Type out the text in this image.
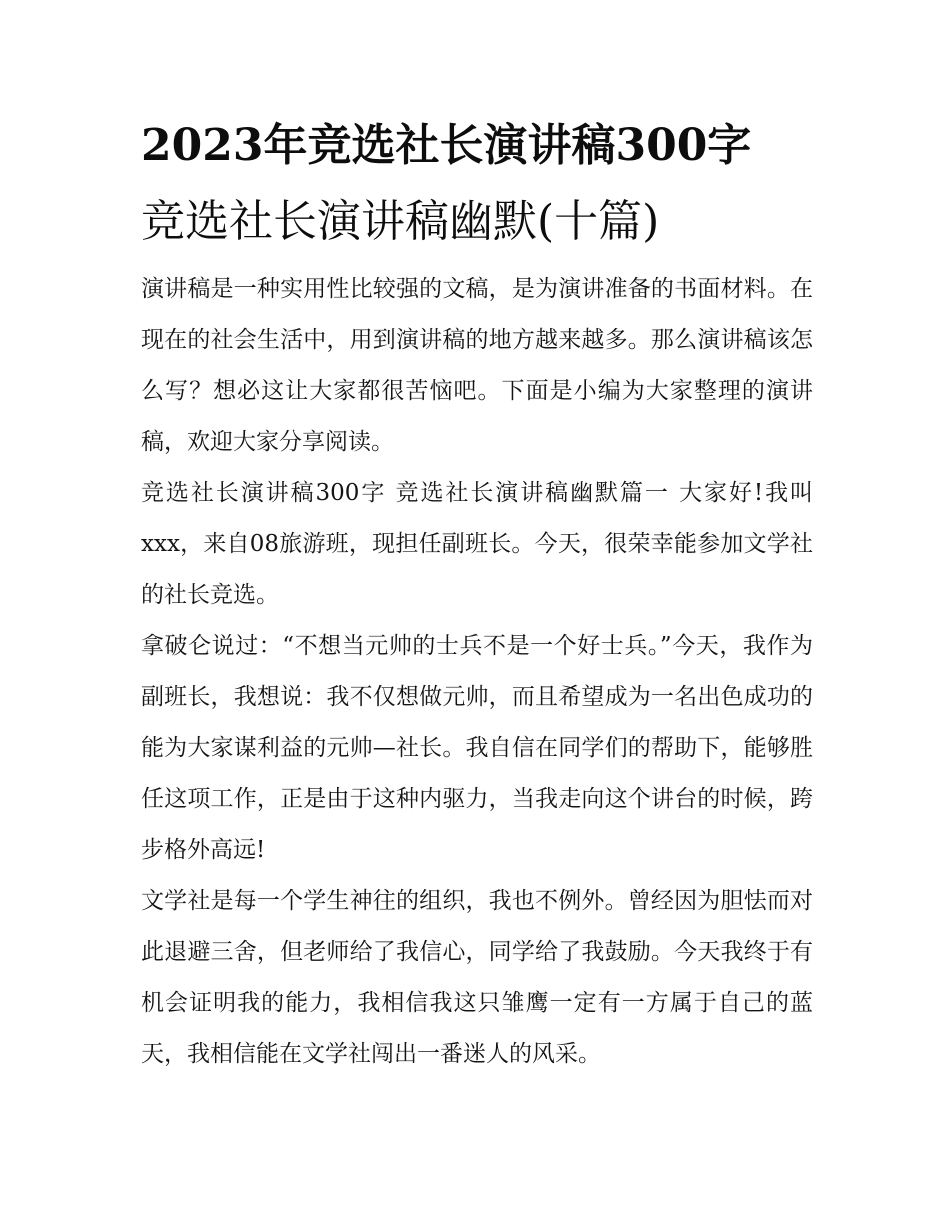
2023年竞选社长演讲稿300字
竞选社长演讲稿幽默(十篇)

演讲稿是一种实用性比较强的文稿，是为演讲准备的书面材料。在现在的社会生活中，用到演讲稿的地方越来越多。那么演讲稿该怎么写？想必这让大家都很苦恼吧。下面是小编为大家整理的演讲稿，欢迎大家分享阅读。

竞选社长演讲稿300字 竞选社长演讲稿幽默篇一 大家好!我叫xxx，来自08旅游班，现担任副班长。今天，很荣幸能参加文学社的社长竞选。

拿破仑说过：“不想当元帅的士兵不是一个好士兵。”今天，我作为副班长，我想说：我不仅想做元帅，而且希望成为一名出色成功的能为大家谋利益的元帅—社长。我自信在同学们的帮助下，能够胜任这项工作，正是由于这种内驱力，当我走向这个讲台的时候，跨步格外高远!

文学社是每一个学生神往的组织，我也不例外。曾经因为胆怯而对此退避三舍，但老师给了我信心，同学给了我鼓励。今天我终于有机会证明我的能力，我相信我这只雏鹰一定有一方属于自己的蓝天，我相信能在文学社闯出一番迷人的风采。
